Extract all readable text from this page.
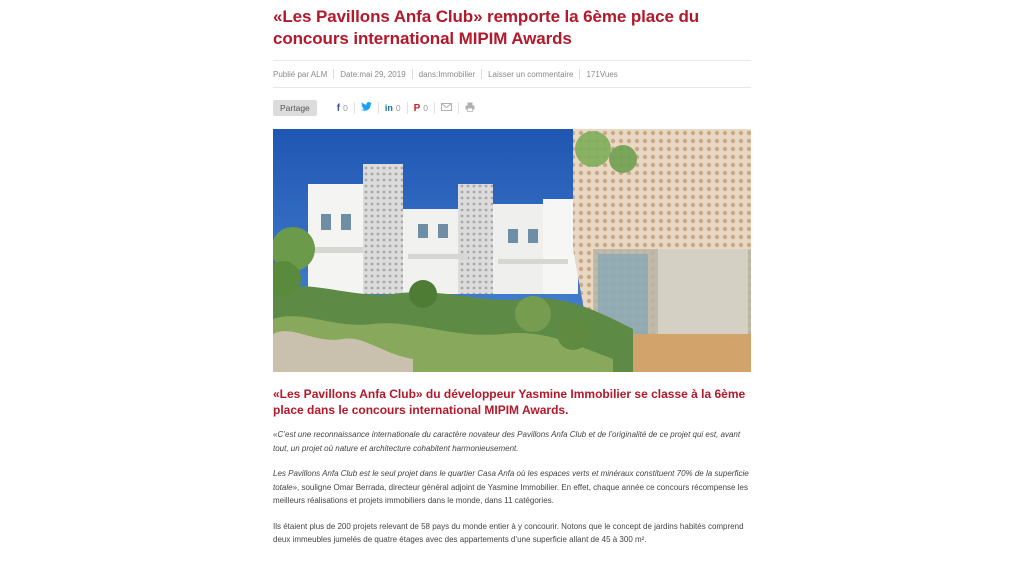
«Les Pavillons Anfa Club» remporte la 6ème place du concours international MIPIM Awards
Publié par ALM	Date:mai 29, 2019	dans:Immobilier	Laisser un commentaire	171Vues
Partage	f 0	in 0 P 0
«Les Pavillons Anfa Club» du développeur Yasmine Immobilier se classe à la 6ème place dans le concours international MIPIM Awards.

«C’est une reconnaissance internationale du caractère novateur des Pavillons Anfa Club et de l’originalité de ce projet qui est, avant tout, un projet où nature et architecture cohabitent harmonieusement.

Les Pavillons Anfa Club est le seul projet dans le quartier Casa Anfa où les espaces verts et minéraux constituent 70% de la superficie totale», souligne Omar Berrada, directeur général adjoint de Yasmine Immobilier. En effet, chaque année ce concours récompense les meilleurs réalisations et projets immobiliers dans le monde, dans 11 catégories.

Ils étaient plus de 200 projets relevant de 58 pays du monde entier à y concourir. Notons que le concept de jardins habités comprend deux immeubles jumelés de quatre étages avec des appartements d’une superficie allant de 45 à 300 m².
